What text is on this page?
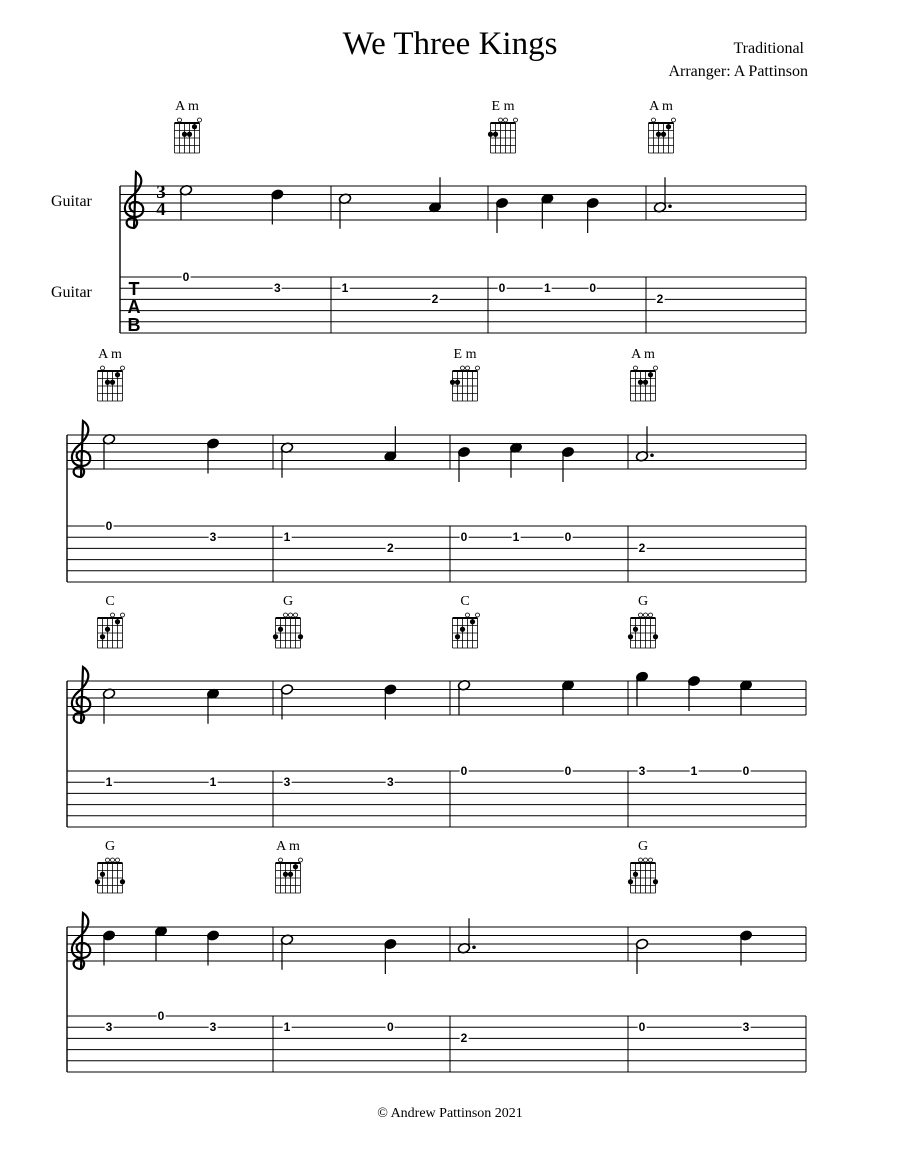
We Three Kings	Traditional
Arranger: A Pattinson
Guitar
Guitar
3
4
T
A
B
A m
0
3	1
2
E m
0	1	0
A m
2
A m
0
3	1
2
E m
0	1	0
A m
2
C
1	1
G
3	3
C
0	0
G
3	1	0
G
3
0
3
A m
1	0
2
G
0	3
© Andrew Pattinson 2021
